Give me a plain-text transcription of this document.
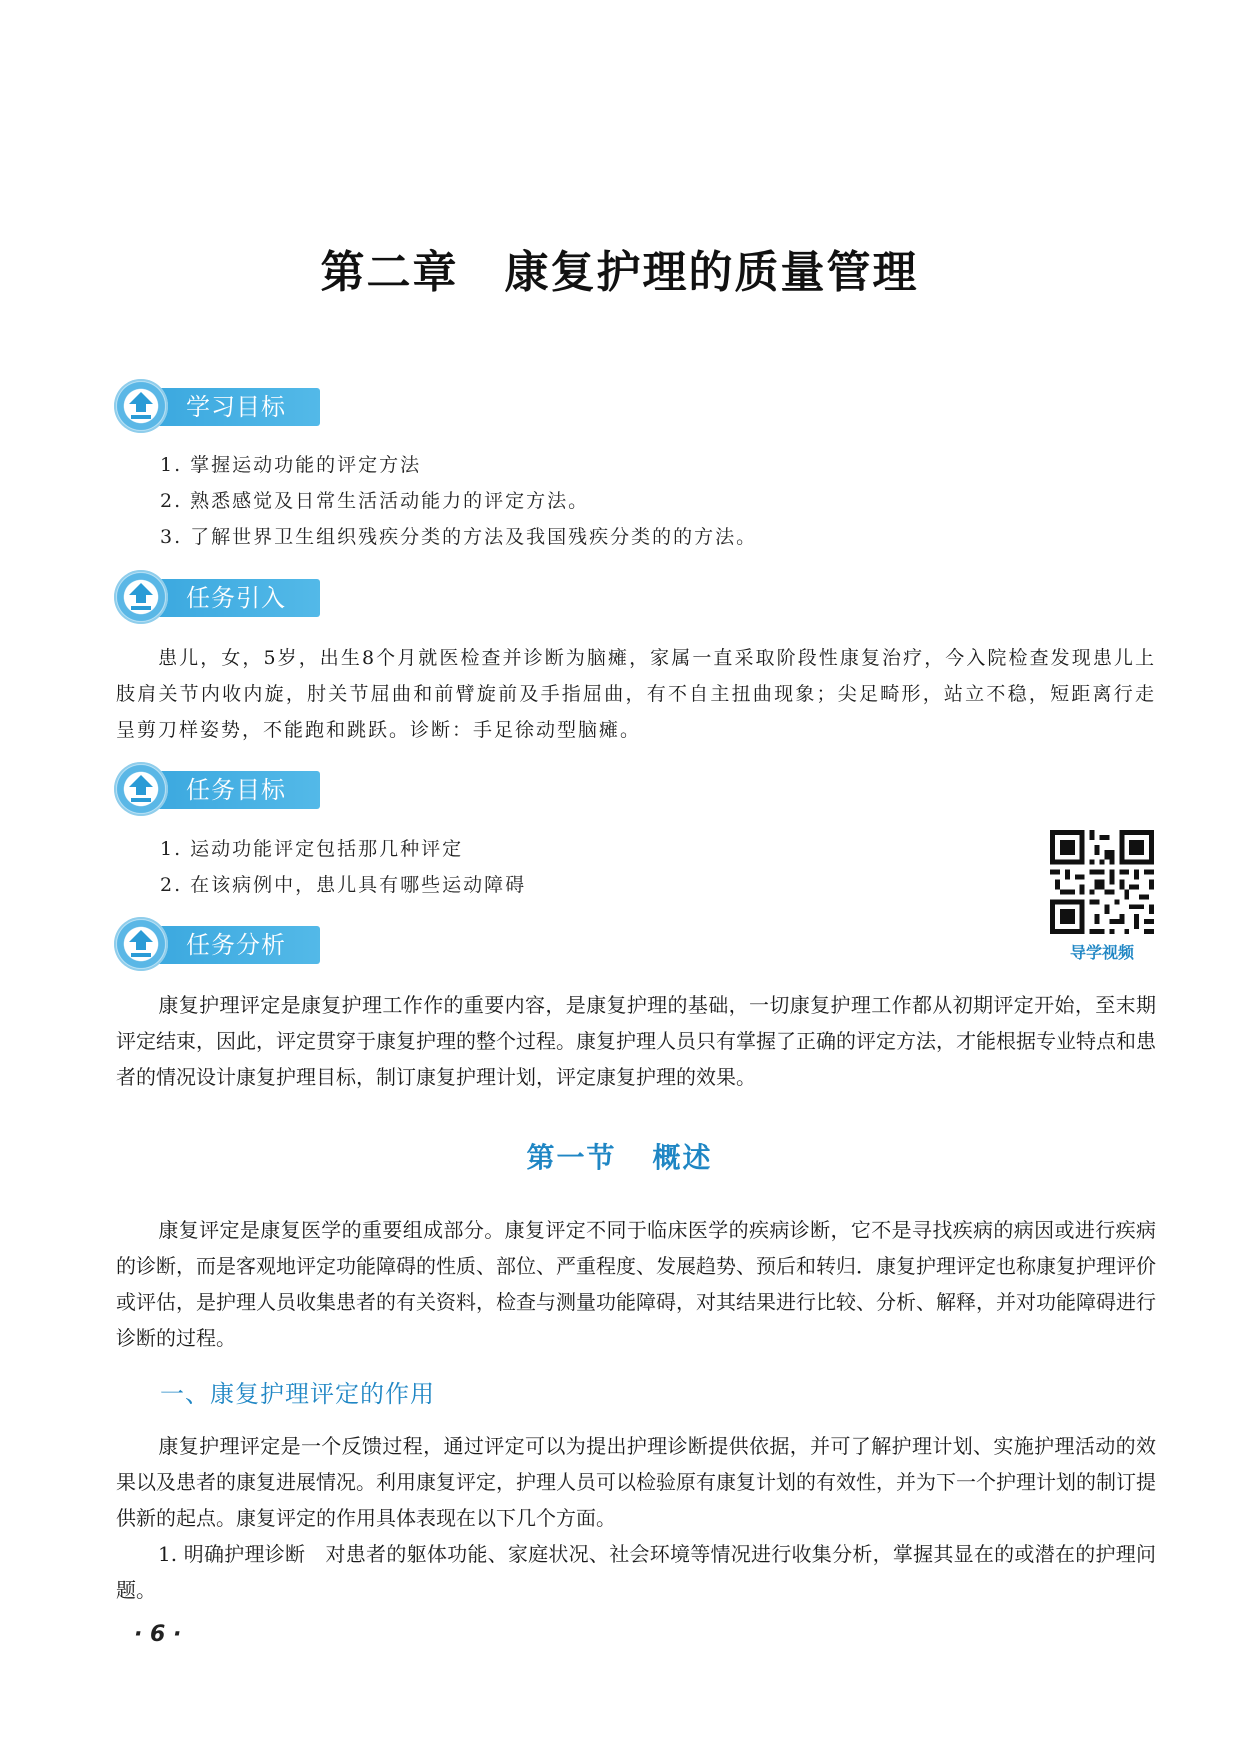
第二章 康复护理的质量管理
学习目标
1. 掌握运动功能的评定方法
2. 熟悉感觉及日常生活活动能力的评定方法。
3. 了解世界卫生组织残疾分类的方法及我国残疾分类的的方法。
任务引入
患儿，女，5岁，出生8个月就医检查并诊断为脑瘫，家属一直采取阶段性康复治疗，今入院检查发现患儿上肢肩关节内收内旋，肘关节屈曲和前臂旋前及手指屈曲，有不自主扭曲现象；尖足畸形，站立不稳，短距离行走呈剪刀样姿势，不能跑和跳跃。诊断：手足徐动型脑瘫。
任务目标
1. 运动功能评定包括那几种评定
2. 在该病例中，患儿具有哪些运动障碍
导学视频
任务分析
康复护理评定是康复护理工作作的重要内容，是康复护理的基础，一切康复护理工作都从初期评定开始，至末期评定结束，因此，评定贯穿于康复护理的整个过程。康复护理人员只有掌握了正确的评定方法，才能根据专业特点和患者的情况设计康复护理目标，制订康复护理计划，评定康复护理的效果。
第一节 概述
康复评定是康复医学的重要组成部分。康复评定不同于临床医学的疾病诊断，它不是寻找疾病的病因或进行疾病的诊断，而是客观地评定功能障碍的性质、部位、严重程度、发展趋势、预后和转归．康复护理评定也称康复护理评价或评估，是护理人员收集患者的有关资料，检查与测量功能障碍，对其结果进行比较、分析、解释，并对功能障碍进行诊断的过程。
一、康复护理评定的作用
康复护理评定是一个反馈过程，通过评定可以为提出护理诊断提供依据，并可了解护理计划、实施护理活动的效果以及患者的康复进展情况。利用康复评定，护理人员可以检验原有康复计划的有效性，并为下一个护理计划的制订提供新的起点。康复评定的作用具体表现在以下几个方面。
1. 明确护理诊断　对患者的躯体功能、家庭状况、社会环境等情况进行收集分析，掌握其显在的或潜在的护理问题。
· 6 ·
